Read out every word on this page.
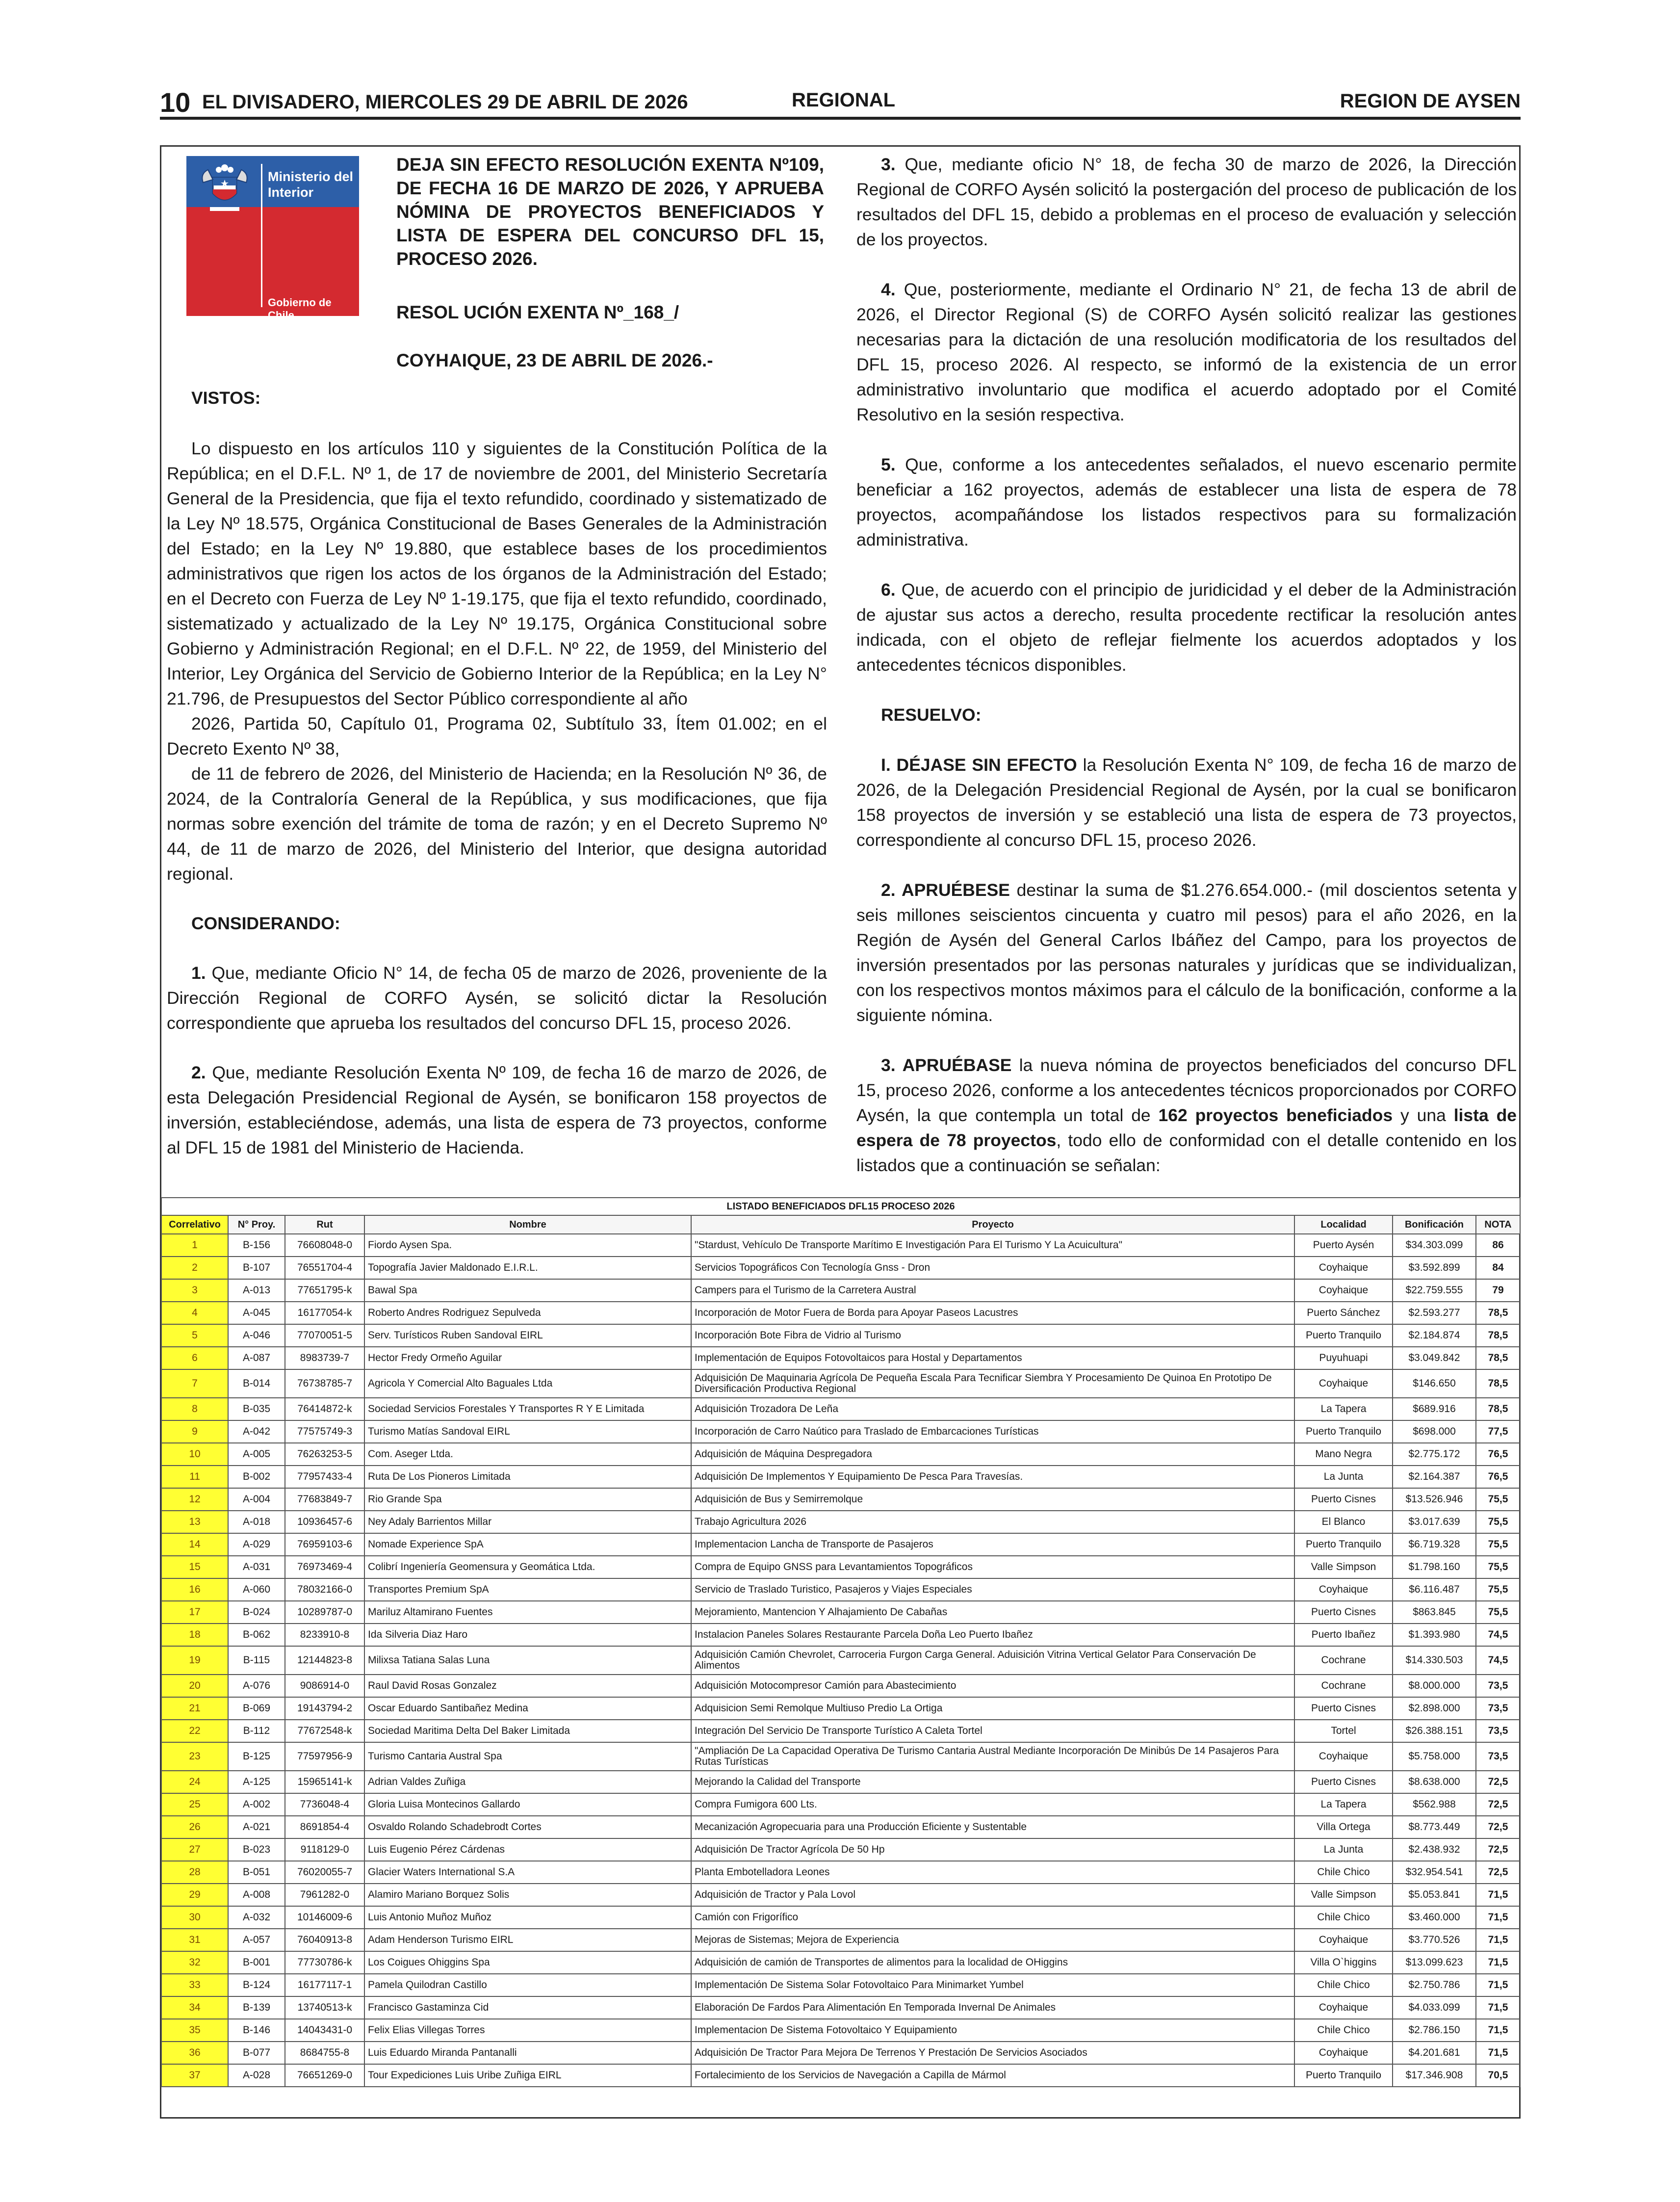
10 EL DIVISADERO, MIERCOLES 29 DE ABRIL DE 2026	REGIONAL	REGION DE AYSEN
Ministerio del
Interior
Gobierno de Chile
DEJA SIN EFECTO RESOLUCIÓN EXENTA Nº109, DE FECHA 16 DE MARZO DE 2026, Y APRUEBA NÓMINA DE PROYECTOS BENEFICIADOS Y LISTA DE ESPERA DEL CONCURSO DFL 15, PROCESO 2026.
RESOL UCIÓN EXENTA Nº_168_/
COYHAIQUE, 23 DE ABRIL DE 2026.-

VISTOS:

Lo dispuesto en los artículos 110 y siguientes de la Constitución Política de la República; en el D.F.L. Nº 1, de 17 de noviembre de 2001, del Ministerio Secretaría General de la Presidencia, que fija el texto refundido, coordinado y sistematizado de la Ley Nº 18.575, Orgánica Constitucional de Bases Generales de la Administración del Estado; en la Ley Nº 19.880, que establece bases de los procedimientos administrativos que rigen los actos de los órganos de la Administración del Estado; en el Decreto con Fuerza de Ley Nº 1-19.175, que fija el texto refundido, coordinado, sistematizado y actualizado de la Ley Nº 19.175, Orgánica Constitucional sobre Gobierno y Administración Regional; en el D.F.L. Nº 22, de 1959, del Ministerio del Interior, Ley Orgánica del Servicio de Gobierno Interior de la República; en la Ley N° 21.796, de Presupuestos del Sector Público correspondiente al año

2026, Partida 50, Capítulo 01, Programa 02, Subtítulo 33, Ítem 01.002; en el Decreto Exento Nº 38,

de 11 de febrero de 2026, del Ministerio de Hacienda; en la Resolución Nº 36, de 2024, de la Contraloría General de la República, y sus modificaciones, que fija normas sobre exención del trámite de toma de razón; y en el Decreto Supremo Nº 44, de 11 de marzo de 2026, del Ministerio del Interior, que designa autoridad regional.

CONSIDERANDO:

1. Que, mediante Oficio N° 14, de fecha 05 de marzo de 2026, proveniente de la Dirección Regional de CORFO Aysén, se solicitó dictar la Resolución correspondiente que aprueba los resultados del concurso DFL 15, proceso 2026.

2. Que, mediante Resolución Exenta Nº 109, de fecha 16 de marzo de 2026, de esta Delegación Presidencial Regional de Aysén, se bonificaron 158 proyectos de inversión, estableciéndose, además, una lista de espera de 73 proyectos, conforme al DFL 15 de 1981 del Ministerio de Hacienda.

3. Que, mediante oficio N° 18, de fecha 30 de marzo de 2026, la Dirección Regional de CORFO Aysén solicitó la postergación del proceso de publicación de los resultados del DFL 15, debido a problemas en el proceso de evaluación y selección de los proyectos.

4. Que, posteriormente, mediante el Ordinario N° 21, de fecha 13 de abril de 2026, el Director Regional (S) de CORFO Aysén solicitó realizar las gestiones necesarias para la dictación de una resolución modificatoria de los resultados del DFL 15, proceso 2026. Al respecto, se informó de la existencia de un error administrativo involuntario que modifica el acuerdo adoptado por el Comité Resolutivo en la sesión respectiva.

5. Que, conforme a los antecedentes señalados, el nuevo escenario permite beneficiar a 162 proyectos, además de establecer una lista de espera de 78 proyectos, acompañándose los listados respectivos para su formalización administrativa.

6. Que, de acuerdo con el principio de juridicidad y el deber de la Administración de ajustar sus actos a derecho, resulta procedente rectificar la resolución antes indicada, con el objeto de reflejar fielmente los acuerdos adoptados y los antecedentes técnicos disponibles.

RESUELVO:

I. DÉJASE SIN EFECTO la Resolución Exenta N° 109, de fecha 16 de marzo de 2026, de la Delegación Presidencial Regional de Aysén, por la cual se bonificaron 158 proyectos de inversión y se estableció una lista de espera de 73 proyectos, correspondiente al concurso DFL 15, proceso 2026.

2. APRUÉBESE destinar la suma de $1.276.654.000.- (mil doscientos setenta y seis millones seiscientos cincuenta y cuatro mil pesos) para el año 2026, en la Región de Aysén del General Carlos Ibáñez del Campo, para los proyectos de inversión presentados por las personas naturales y jurídicas que se individualizan, con los respectivos montos máximos para el cálculo de la bonificación, conforme a la siguiente nómina.

3. APRUÉBASE la nueva nómina de proyectos beneficiados del concurso DFL 15, proceso 2026, conforme a los antecedentes técnicos proporcionados por CORFO Aysén, la que contempla un total de 162 proyectos beneficiados y una lista de espera de 78 proyectos, todo ello de conformidad con el detalle contenido en los listados que a continuación se señalan:

LISTADO BENEFICIADOS DFL15 PROCESO 2026							
Correlativo	N° Proy.	Rut	Nombre	Proyecto	Localidad	Bonificación	NOTA
1	B-156	76608048-0	Fiordo Aysen Spa.	"Stardust, Vehículo De Transporte Marítimo E Investigación Para El Turismo Y La Acuicultura"	Puerto Aysén	$34.303.099	86
2	B-107	76551704-4	Topografía Javier Maldonado E.I.R.L.	Servicios Topográficos Con Tecnología Gnss - Dron	Coyhaique	$3.592.899	84
3	A-013	77651795-k	Bawal Spa	Campers para el Turismo de la Carretera Austral	Coyhaique	$22.759.555	79
4	A-045	16177054-k	Roberto Andres Rodriguez Sepulveda	Incorporación de Motor Fuera de Borda para Apoyar Paseos Lacustres	Puerto Sánchez	$2.593.277	78,5
5	A-046	77070051-5	Serv. Turísticos Ruben Sandoval EIRL	Incorporación Bote Fibra de Vidrio al Turismo	Puerto Tranquilo	$2.184.874	78,5
6	A-087	8983739-7	Hector Fredy Ormeño Aguilar	Implementación de Equipos Fotovoltaicos para Hostal y Departamentos	Puyuhuapi	$3.049.842	78,5
7	B-014	76738785-7	Agricola Y Comercial Alto Baguales Ltda	Adquisición De Maquinaria Agrícola De Pequeña Escala Para Tecnificar Siembra Y Procesamiento De Quinoa En Prototipo De Diversificación Productiva Regional	Coyhaique	$146.650	78,5
8	B-035	76414872-k	Sociedad Servicios Forestales Y Transportes R Y E Limitada	Adquisición Trozadora De Leña	La Tapera	$689.916	78,5
9	A-042	77575749-3	Turismo Matías Sandoval EIRL	Incorporación de Carro Naútico para Traslado de Embarcaciones Turísticas	Puerto Tranquilo	$698.000	77,5
10	A-005	76263253-5	Com. Aseger Ltda.	Adquisición de Máquina Despregadora	Mano Negra	$2.775.172	76,5
11	B-002	77957433-4	Ruta De Los Pioneros Limitada	Adquisición De Implementos Y Equipamiento De Pesca Para Travesías.	La Junta	$2.164.387	76,5
12	A-004	77683849-7	Rio Grande Spa	Adquisición de Bus y Semirremolque	Puerto Cisnes	$13.526.946	75,5
13	A-018	10936457-6	Ney Adaly Barrientos Millar	Trabajo Agricultura 2026	El Blanco	$3.017.639	75,5
14	A-029	76959103-6	Nomade Experience SpA	Implementacion Lancha de Transporte de Pasajeros	Puerto Tranquilo	$6.719.328	75,5
15	A-031	76973469-4	Colibrí Ingeniería Geomensura y Geomática Ltda.	Compra de Equipo GNSS para Levantamientos Topográficos	Valle Simpson	$1.798.160	75,5
16	A-060	78032166-0	Transportes Premium SpA	Servicio de Traslado Turistico, Pasajeros y Viajes Especiales	Coyhaique	$6.116.487	75,5
17	B-024	10289787-0	Mariluz Altamirano Fuentes	Mejoramiento, Mantencion Y Alhajamiento De Cabañas	Puerto Cisnes	$863.845	75,5
18	B-062	8233910-8	Ida Silveria Diaz Haro	Instalacion Paneles Solares Restaurante Parcela Doña Leo Puerto Ibañez	Puerto Ibañez	$1.393.980	74,5
19	B-115	12144823-8	Milixsa Tatiana Salas Luna	Adquisición Camión Chevrolet, Carroceria Furgon Carga General. Aduisición Vitrina Vertical Gelator Para Conservación De Alimentos	Cochrane	$14.330.503	74,5
20	A-076	9086914-0	Raul David Rosas Gonzalez	Adquisición Motocompresor Camión para Abastecimiento	Cochrane	$8.000.000	73,5
21	B-069	19143794-2	Oscar Eduardo Santibañez Medina	Adquisicion Semi Remolque Multiuso Predio La Ortiga	Puerto Cisnes	$2.898.000	73,5
22	B-112	77672548-k	Sociedad Maritima Delta Del Baker Limitada	Integración Del Servicio De Transporte Turístico A Caleta Tortel	Tortel	$26.388.151	73,5
23	B-125	77597956-9	Turismo Cantaria Austral Spa	"Ampliación De La Capacidad Operativa De Turismo Cantaria Austral Mediante Incorporación De Minibús De 14 Pasajeros Para Rutas Turísticas	Coyhaique	$5.758.000	73,5
24	A-125	15965141-k	Adrian Valdes Zuñiga	Mejorando la Calidad del Transporte	Puerto Cisnes	$8.638.000	72,5
25	A-002	7736048-4	Gloria Luisa Montecinos Gallardo	Compra Fumigora 600 Lts.	La Tapera	$562.988	72,5
26	A-021	8691854-4	Osvaldo Rolando Schadebrodt Cortes	Mecanización Agropecuaria para una Producción Eficiente y Sustentable	Villa Ortega	$8.773.449	72,5
27	B-023	9118129-0	Luis Eugenio Pérez Cárdenas	Adquisición De Tractor Agrícola De 50 Hp	La Junta	$2.438.932	72,5
28	B-051	76020055-7	Glacier Waters International S.A	Planta Embotelladora Leones	Chile Chico	$32.954.541	72,5
29	A-008	7961282-0	Alamiro Mariano Borquez Solis	Adquisición de Tractor y Pala Lovol	Valle Simpson	$5.053.841	71,5
30	A-032	10146009-6	Luis Antonio Muñoz Muñoz	Camión con Frigorífico	Chile Chico	$3.460.000	71,5
31	A-057	76040913-8	Adam Henderson Turismo EIRL	Mejoras de Sistemas; Mejora de Experiencia	Coyhaique	$3.770.526	71,5
32	B-001	77730786-k	Los Coigues Ohiggins Spa	Adquisición de camión de Transportes de alimentos para la localidad de OHiggins	Villa O`higgins	$13.099.623	71,5
33	B-124	16177117-1	Pamela Quilodran Castillo	Implementación De Sistema Solar Fotovoltaico Para Minimarket Yumbel	Chile Chico	$2.750.786	71,5
34	B-139	13740513-k	Francisco Gastaminza Cid	Elaboración De Fardos Para Alimentación En Temporada Invernal De Animales	Coyhaique	$4.033.099	71,5
35	B-146	14043431-0	Felix Elias Villegas Torres	Implementacion De Sistema Fotovoltaico Y Equipamiento	Chile Chico	$2.786.150	71,5
36	B-077	8684755-8	Luis Eduardo Miranda Pantanalli	Adquisición De Tractor Para Mejora De Terrenos Y Prestación De Servicios Asociados	Coyhaique	$4.201.681	71,5
37	A-028	76651269-0	Tour Expediciones Luis Uribe Zuñiga EIRL	Fortalecimiento de los Servicios de Navegación a Capilla de Mármol	Puerto Tranquilo	$17.346.908	70,5
